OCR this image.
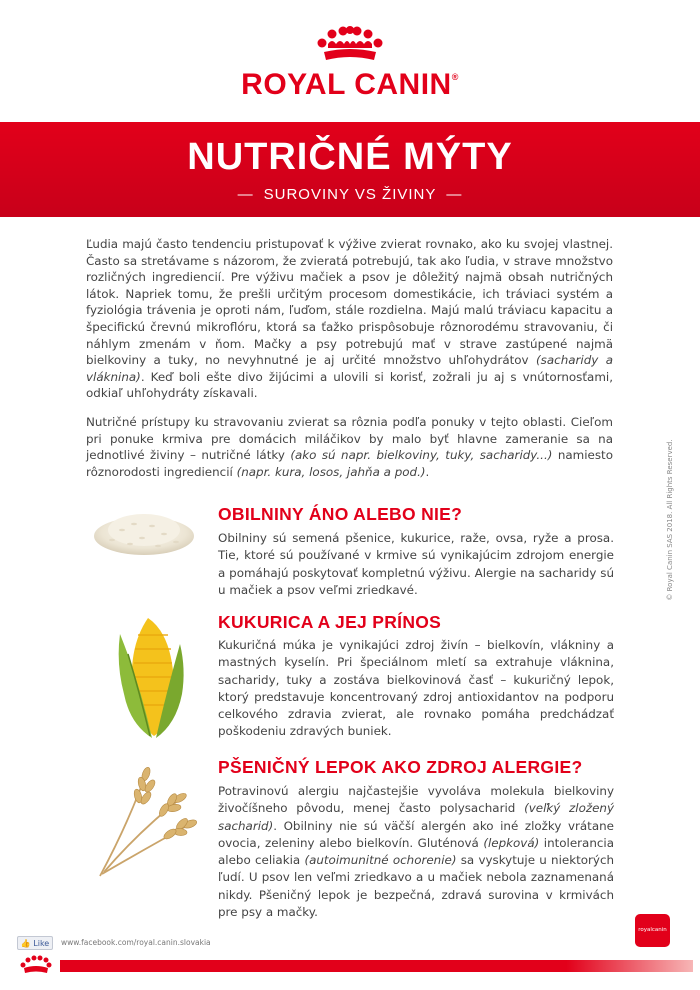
ROYAL CANIN®
NUTRIČNÉ MÝTY
— SUROVINY VS ŽIVINY —

Ľudia majú často tendenciu pristupovať k výžive zvierat rovnako, ako ku svojej vlastnej. Často sa stretávame s názorom, že zvieratá potrebujú, tak ako ľudia, v strave množstvo rozličných ingrediencií. Pre výživu mačiek a psov je dôležitý najmä obsah nutričných látok. Napriek tomu, že prešli určitým procesom domestikácie, ich tráviaci systém a fyziológia trávenia je oproti nám, ľuďom, stále rozdielna. Majú malú tráviacu kapacitu a špecifickú črevnú mikroflóru, ktorá sa ťažko prispôsobuje rôznorodému stravovaniu, či náhlym zmenám v ňom. Mačky a psy potrebujú mať v strave zastúpené najmä bielkoviny a tuky, no nevyhnutné je aj určité množstvo uhľohydrátov (sacharidy a vláknina). Keď boli ešte divo žijúcimi a ulovili si korisť, zožrali ju aj s vnútornosťami, odkiaľ uhľohydráty získavali.

Nutričné prístupy ku stravovaniu zvierat sa rôznia podľa ponuky v tejto oblasti. Cieľom pri ponuke krmiva pre domácich miláčikov by malo byť hlavne zameranie sa na jednotlivé živiny – nutričné látky (ako sú napr. bielkoviny, tuky, sacharidy...) namiesto rôznorodosti ingrediencií (napr. kura, losos, jahňa a pod.).	© Royal Canin SAS 2018. All Rights Reserved.
OBILNINY ÁNO ALEBO NIE?
Obilniny sú semená pšenice, kukurice, raže, ovsa, ryže a prosa. Tie, ktoré sú používané v krmive sú vynikajúcim zdrojom energie a pomáhajú poskytovať kompletnú výživu. Alergie na sacharidy sú u mačiek a psov veľmi zriedkavé.
KUKURICA A JEJ PRÍNOS
Kukuričná múka je vynikajúci zdroj živín – bielkovín, vlákniny a mastných kyselín. Pri špeciálnom mletí sa extrahuje vláknina, sacharidy, tuky a zostáva bielkovinová časť – kukuričný lepok, ktorý predstavuje koncentrovaný zdroj antioxidantov na podporu celkového zdravia zvierat, ale rovnako pomáha predchádzať poškodeniu zdravých buniek.
PŠENIČNÝ LEPOK AKO ZDROJ ALERGIE?
Potravinovú alergiu najčastejšie vyvoláva molekula bielkoviny živočíšneho pôvodu, menej často polysacharid (veľký zložený sacharid). Obilniny nie sú väčší alergén ako iné zložky vrátane ovocia, zeleniny alebo bielkovín. Gluténová (lepková) intolerancia alebo celiakia (autoimunitné ochorenie) sa vyskytuje u niektorých ľudí. U psov len veľmi zriedkavo a u mačiek nebola zaznamenaná nikdy. Pšeničný lepok je bezpečná, zdravá surovina v krmivách pre psy a mačky.
royalcanin
👍 Like	www.facebook.com/royal.canin.slovakia
